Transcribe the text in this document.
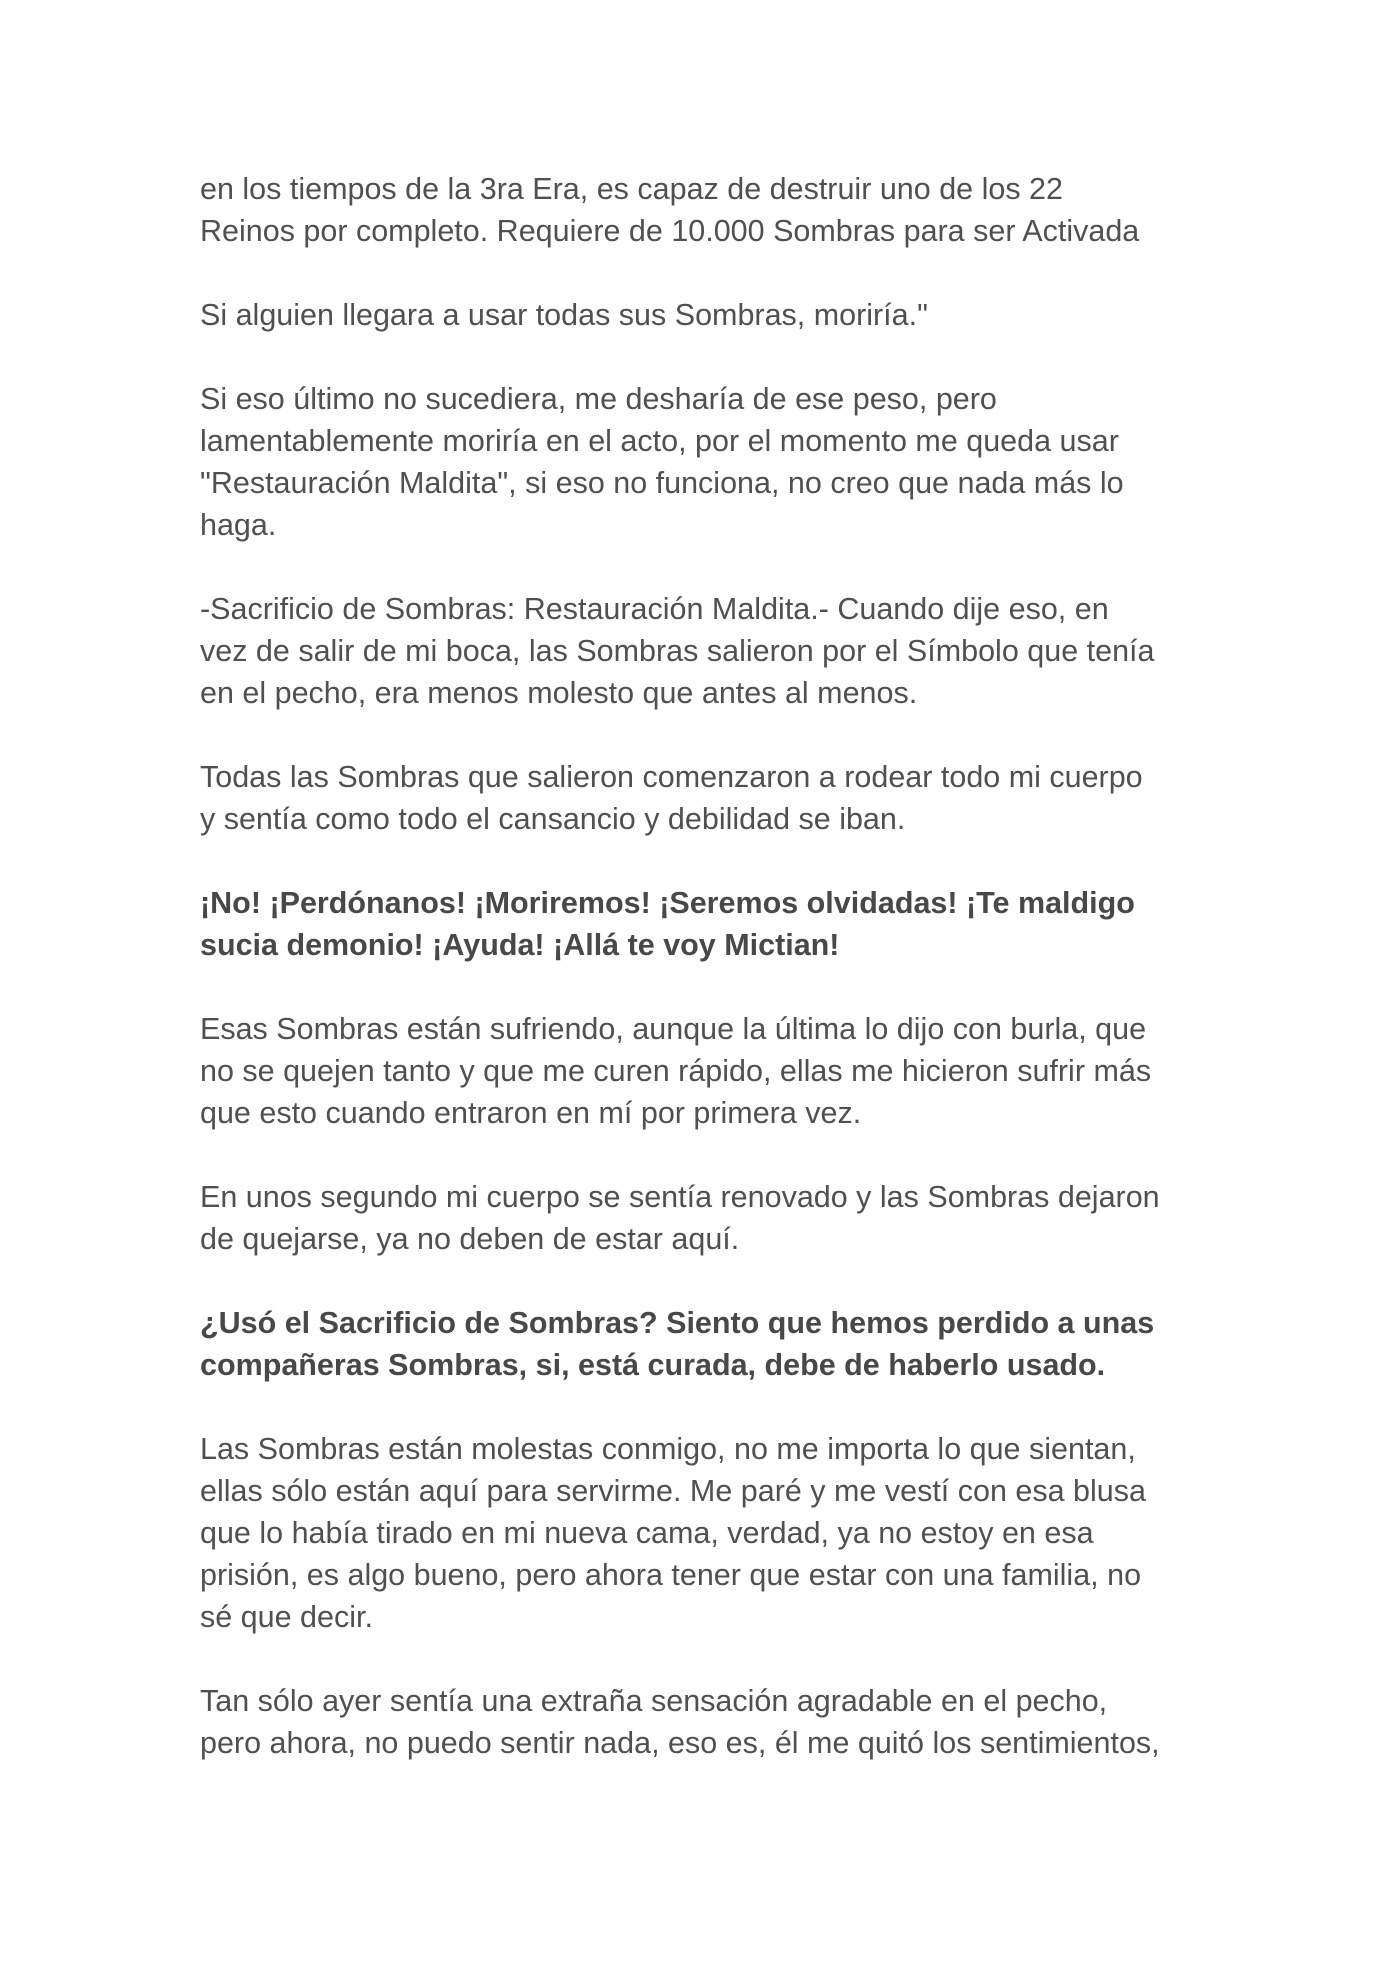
en los tiempos de la 3ra Era, es capaz de destruir uno de los 22
Reinos por completo. Requiere de 10.000 Sombras para ser Activada

Si alguien llegara a usar todas sus Sombras, moriría."

Si eso último no sucediera, me desharía de ese peso, pero
lamentablemente moriría en el acto, por el momento me queda usar
"Restauración Maldita", si eso no funciona, no creo que nada más lo
haga.

-Sacrificio de Sombras: Restauración Maldita.- Cuando dije eso, en
vez de salir de mi boca, las Sombras salieron por el Símbolo que tenía
en el pecho, era menos molesto que antes al menos.

Todas las Sombras que salieron comenzaron a rodear todo mi cuerpo
y sentía como todo el cansancio y debilidad se iban.

¡No! ¡Perdónanos! ¡Moriremos! ¡Seremos olvidadas! ¡Te maldigo
sucia demonio! ¡Ayuda! ¡Allá te voy Mictian!

Esas Sombras están sufriendo, aunque la última lo dijo con burla, que
no se quejen tanto y que me curen rápido, ellas me hicieron sufrir más
que esto cuando entraron en mí por primera vez.

En unos segundo mi cuerpo se sentía renovado y las Sombras dejaron
de quejarse, ya no deben de estar aquí.

¿Usó el Sacrificio de Sombras? Siento que hemos perdido a unas
compañeras Sombras, si, está curada, debe de haberlo usado.

Las Sombras están molestas conmigo, no me importa lo que sientan,
ellas sólo están aquí para servirme. Me paré y me vestí con esa blusa
que lo había tirado en mi nueva cama, verdad, ya no estoy en esa
prisión, es algo bueno, pero ahora tener que estar con una familia, no
sé que decir.

Tan sólo ayer sentía una extraña sensación agradable en el pecho,
pero ahora, no puedo sentir nada, eso es, él me quitó los sentimientos,
